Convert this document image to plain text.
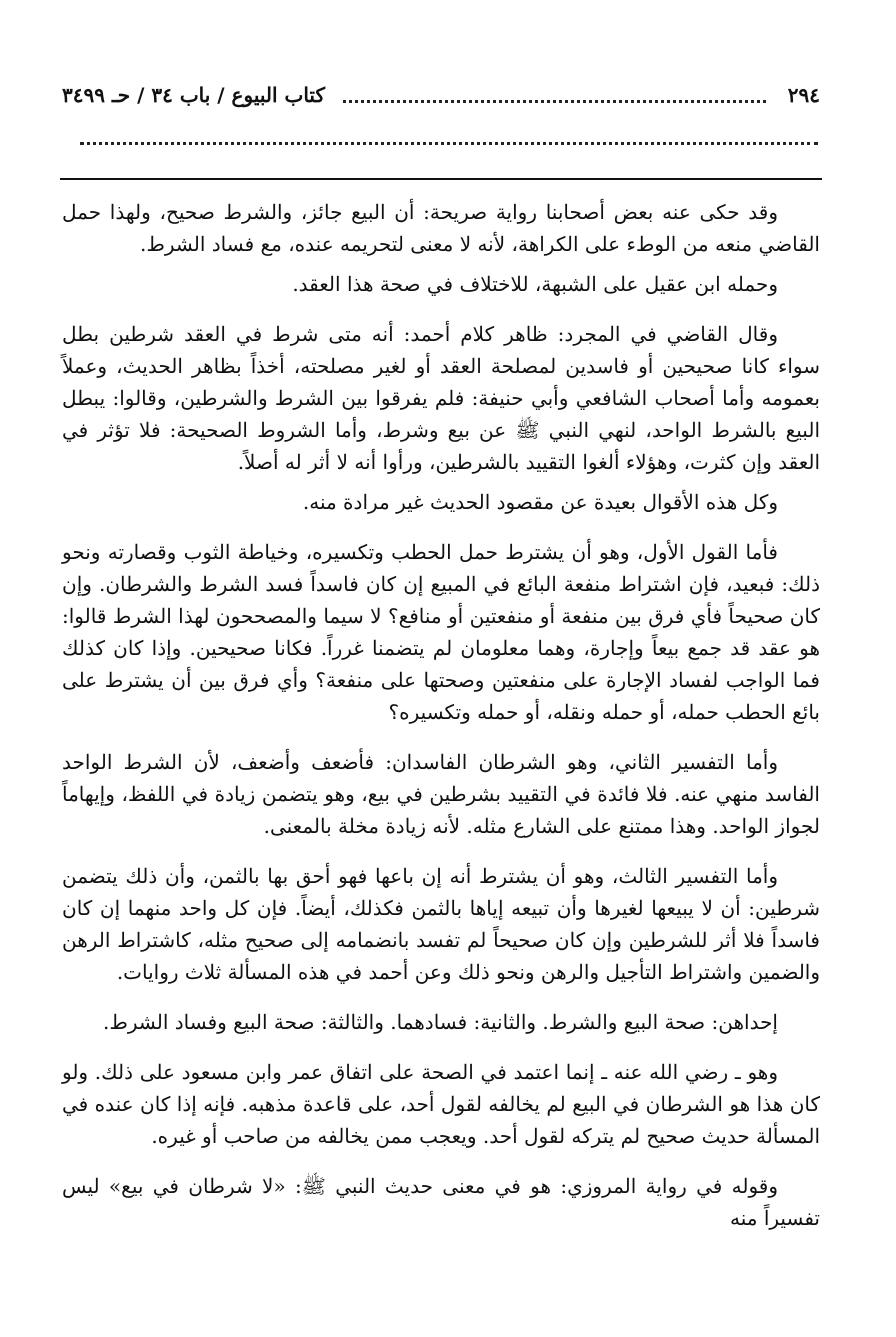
٢٩٤
كتاب البيوع / باب ٣٤ / حـ ٣٤٩٩

وقد حكى عنه بعض أصحابنا رواية صريحة: أن البيع جائز، والشرط صحيح، ولهذا حمل القاضي منعه من الوطء على الكراهة، لأنه لا معنى لتحريمه عنده، مع فساد الشرط.

وحمله ابن عقيل على الشبهة، للاختلاف في صحة هذا العقد.

وقال القاضي في المجرد: ظاهر كلام أحمد: أنه متى شرط في العقد شرطين بطل سواء كانا صحيحين أو فاسدين لمصلحة العقد أو لغير مصلحته، أخذاً بظاهر الحديث، وعملاً بعمومه وأما أصحاب الشافعي وأبي حنيفة: فلم يفرقوا بين الشرط والشرطين، وقالوا: يبطل البيع بالشرط الواحد، لنهي النبي ﷺ عن بيع وشرط، وأما الشروط الصحيحة: فلا تؤثر في العقد وإن كثرت، وهؤلاء ألغوا التقييد بالشرطين، ورأوا أنه لا أثر له أصلاً.

وكل هذه الأقوال بعيدة عن مقصود الحديث غير مرادة منه.

فأما القول الأول، وهو أن يشترط حمل الحطب وتكسيره، وخياطة الثوب وقصارته ونحو ذلك: فبعيد، فإن اشتراط منفعة البائع في المبيع إن كان فاسداً فسد الشرط والشرطان. وإن كان صحيحاً فأي فرق بين منفعة أو منفعتين أو منافع؟ لا سيما والمصححون لهذا الشرط قالوا: هو عقد قد جمع بيعاً وإجارة، وهما معلومان لم يتضمنا غرراً. فكانا صحيحين. وإذا كان كذلك فما الواجب لفساد الإجارة على منفعتين وصحتها على منفعة؟ وأي فرق بين أن يشترط على بائع الحطب حمله، أو حمله ونقله، أو حمله وتكسيره؟

وأما التفسير الثاني، وهو الشرطان الفاسدان: فأضعف وأضعف، لأن الشرط الواحد الفاسد منهي عنه. فلا فائدة في التقييد بشرطين في بيع، وهو يتضمن زيادة في اللفظ، وإيهاماً لجواز الواحد. وهذا ممتنع على الشارع مثله. لأنه زيادة مخلة بالمعنى.

وأما التفسير الثالث، وهو أن يشترط أنه إن باعها فهو أحق بها بالثمن، وأن ذلك يتضمن شرطين: أن لا يبيعها لغيرها وأن تبيعه إياها بالثمن فكذلك، أيضاً. فإن كل واحد منهما إن كان فاسداً فلا أثر للشرطين وإن كان صحيحاً لم تفسد بانضمامه إلى صحيح مثله، كاشتراط الرهن والضمين واشتراط التأجيل والرهن ونحو ذلك وعن أحمد في هذه المسألة ثلاث روايات.

إحداهن: صحة البيع والشرط. والثانية: فسادهما. والثالثة: صحة البيع وفساد الشرط.

وهو ـ رضي الله عنه ـ إنما اعتمد في الصحة على اتفاق عمر وابن مسعود على ذلك. ولو كان هذا هو الشرطان في البيع لم يخالفه لقول أحد، على قاعدة مذهبه. فإنه إذا كان عنده في المسألة حديث صحيح لم يتركه لقول أحد. ويعجب ممن يخالفه من صاحب أو غيره.

وقوله في رواية المروزي: هو في معنى حديث النبي ﷺ: «لا شرطان في بيع» ليس تفسيراً منه
